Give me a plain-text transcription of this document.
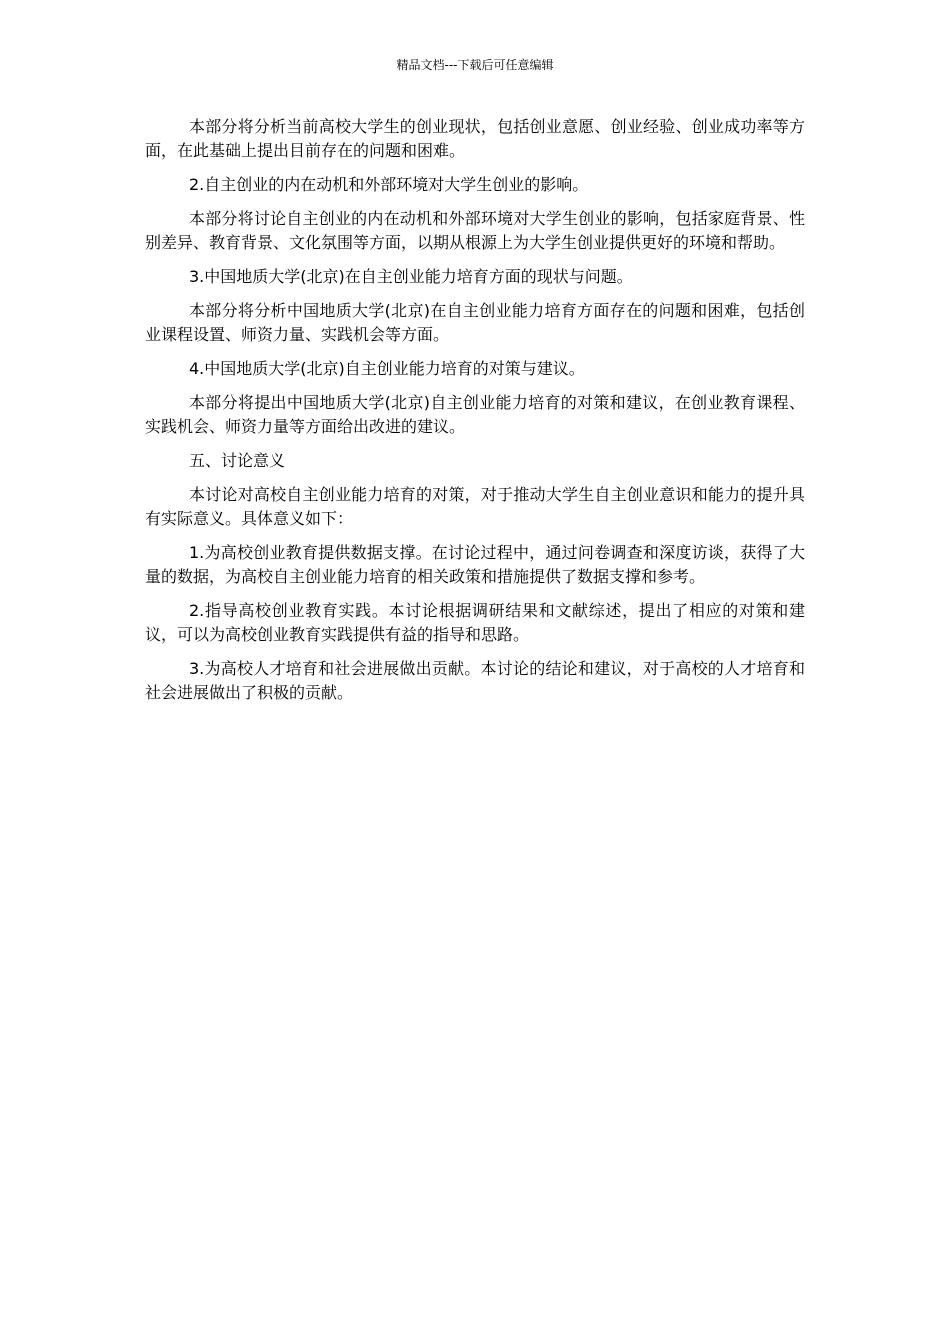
精品文档---下载后可任意编辑

本部分将分析当前高校大学生的创业现状，包括创业意愿、创业经验、创业成功率等方面，在此基础上提出目前存在的问题和困难。

2.自主创业的内在动机和外部环境对大学生创业的影响。

本部分将讨论自主创业的内在动机和外部环境对大学生创业的影响，包括家庭背景、性别差异、教育背景、文化氛围等方面，以期从根源上为大学生创业提供更好的环境和帮助。

3.中国地质大学(北京)在自主创业能力培育方面的现状与问题。

本部分将分析中国地质大学(北京)在自主创业能力培育方面存在的问题和困难，包括创业课程设置、师资力量、实践机会等方面。

4.中国地质大学(北京)自主创业能力培育的对策与建议。

本部分将提出中国地质大学(北京)自主创业能力培育的对策和建议，在创业教育课程、实践机会、师资力量等方面给出改进的建议。

五、讨论意义

本讨论对高校自主创业能力培育的对策，对于推动大学生自主创业意识和能力的提升具有实际意义。具体意义如下：

1.为高校创业教育提供数据支撑。在讨论过程中，通过问卷调查和深度访谈，获得了大量的数据，为高校自主创业能力培育的相关政策和措施提供了数据支撑和参考。

2.指导高校创业教育实践。本讨论根据调研结果和文献综述，提出了相应的对策和建议，可以为高校创业教育实践提供有益的指导和思路。

3.为高校人才培育和社会进展做出贡献。本讨论的结论和建议，对于高校的人才培育和社会进展做出了积极的贡献。
